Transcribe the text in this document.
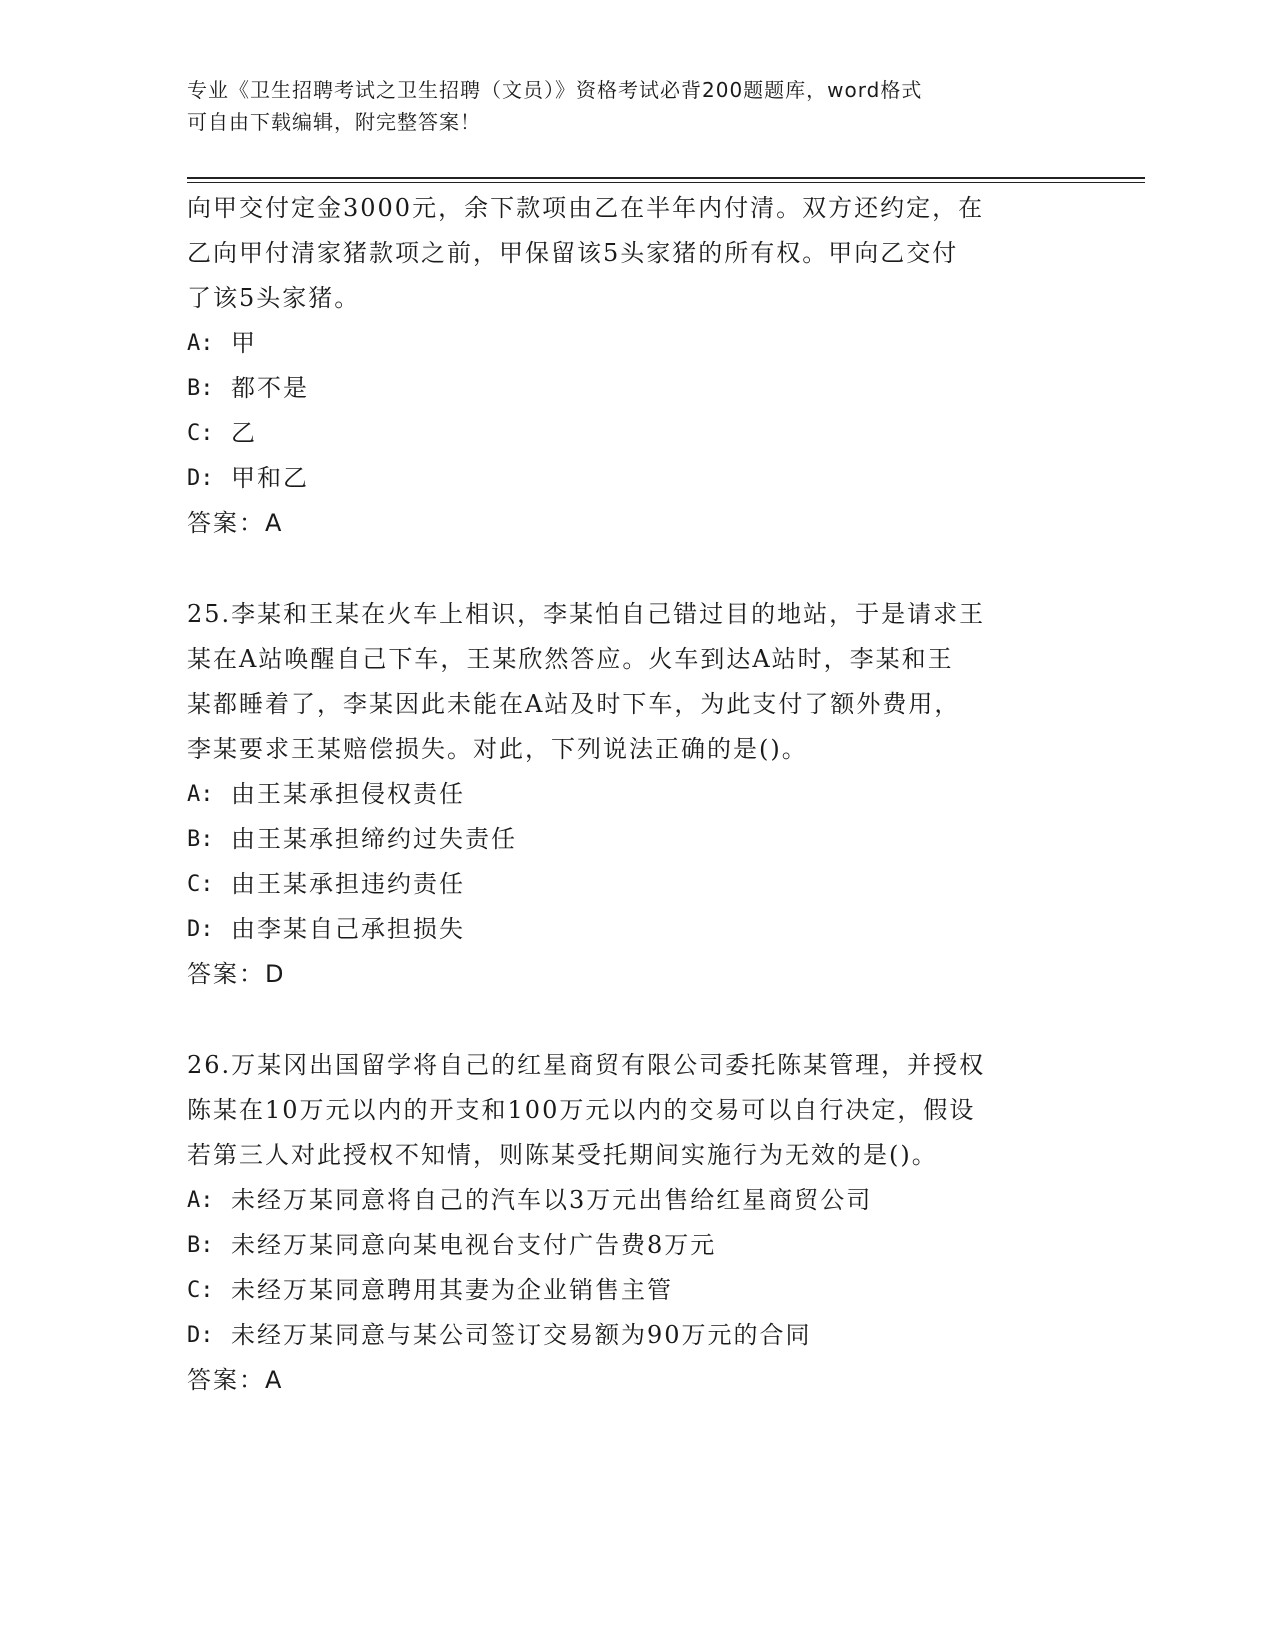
专业《卫生招聘考试之卫生招聘（文员）》资格考试必背200题题库，word格式
可自由下载编辑，附完整答案！

向甲交付定金3000元，余下款项由乙在半年内付清。双方还约定，在

乙向甲付清家猪款项之前，甲保留该5头家猪的所有权。甲向乙交付

了该5头家猪。

A: 甲
B: 都不是
C: 乙
D: 甲和乙

答案：A

25.李某和王某在火车上相识，李某怕自己错过目的地站，于是请求王

某在A站唤醒自己下车，王某欣然答应。火车到达A站时，李某和王

某都睡着了，李某因此未能在A站及时下车，为此支付了额外费用，

李某要求王某赔偿损失。对此，下列说法正确的是()。

A: 由王某承担侵权责任
B: 由王某承担缔约过失责任
C: 由王某承担违约责任
D: 由李某自己承担损失

答案：D

26.万某冈出国留学将自己的红星商贸有限公司委托陈某管理，并授权

陈某在10万元以内的开支和100万元以内的交易可以自行决定，假设

若第三人对此授权不知情，则陈某受托期间实施行为无效的是()。

A: 未经万某同意将自己的汽车以3万元出售给红星商贸公司
B: 未经万某同意向某电视台支付广告费8万元
C: 未经万某同意聘用其妻为企业销售主管
D: 未经万某同意与某公司签订交易额为90万元的合同

答案：A
